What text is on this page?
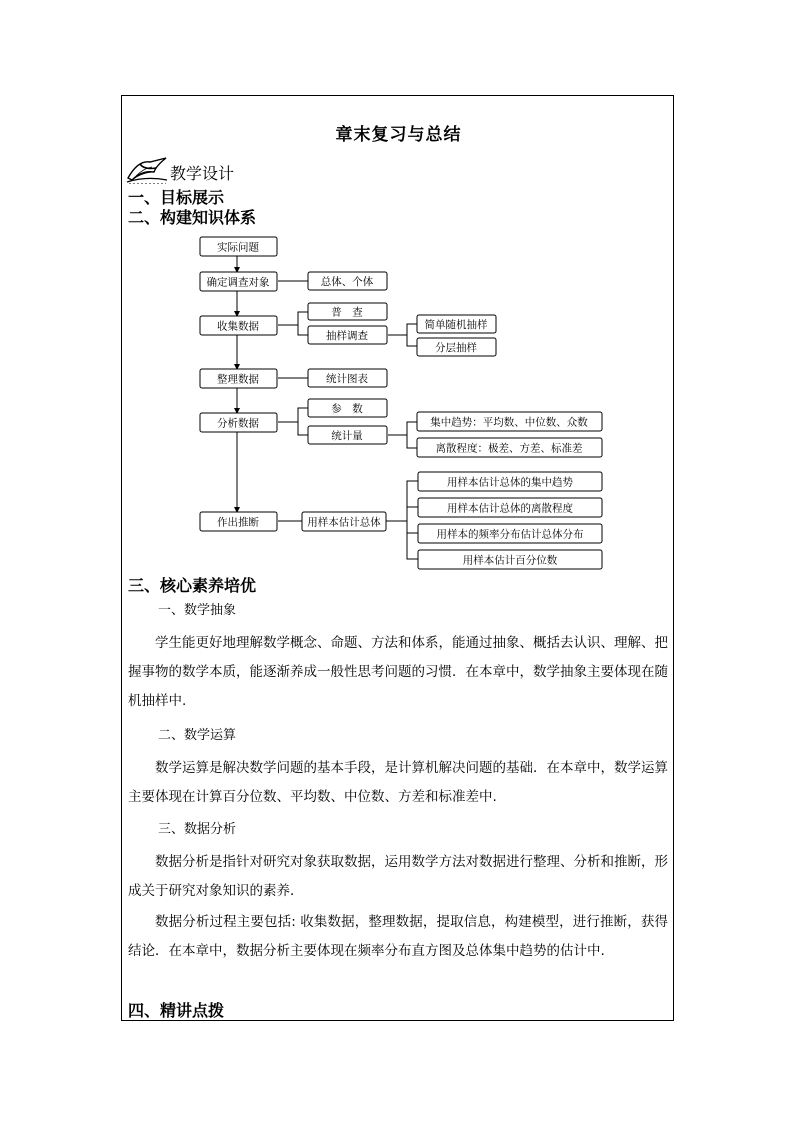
章末复习与总结
教学设计
一、目标展示
二、构建知识体系
实际问题
确定调查对象	总体、个体
收集数据
普　查
抽样调查
简单随机抽样
分层抽样
整理数据	统计图表
分析数据
参　数
统计量
集中趋势：平均数、中位数、众数
离散程度：极差、方差、标准差
作出推断	用样本估计总体
用样本估计总体的集中趋势
用样本估计总体的离散程度
用样本的频率分布估计总体分布
用样本估计百分位数
三、核心素养培优
一、数学抽象

学生能更好地理解数学概念、命题、方法和体系，能通过抽象、概括去认识、理解、把握事物的数学本质，能逐渐养成一般性思考问题的习惯．在本章中，数学抽象主要体现在随机抽样中.

二、数学运算

数学运算是解决数学问题的基本手段，是计算机解决问题的基础．在本章中，数学运算主要体现在计算百分位数、平均数、中位数、方差和标准差中.

三、数据分析

数据分析是指针对研究对象获取数据，运用数学方法对数据进行整理、分析和推断，形成关于研究对象知识的素养．

数据分析过程主要包括: 收集数据，整理数据，提取信息，构建模型，进行推断，获得结论．在本章中，数据分析主要体现在频率分布直方图及总体集中趋势的估计中.

四、精讲点拨
